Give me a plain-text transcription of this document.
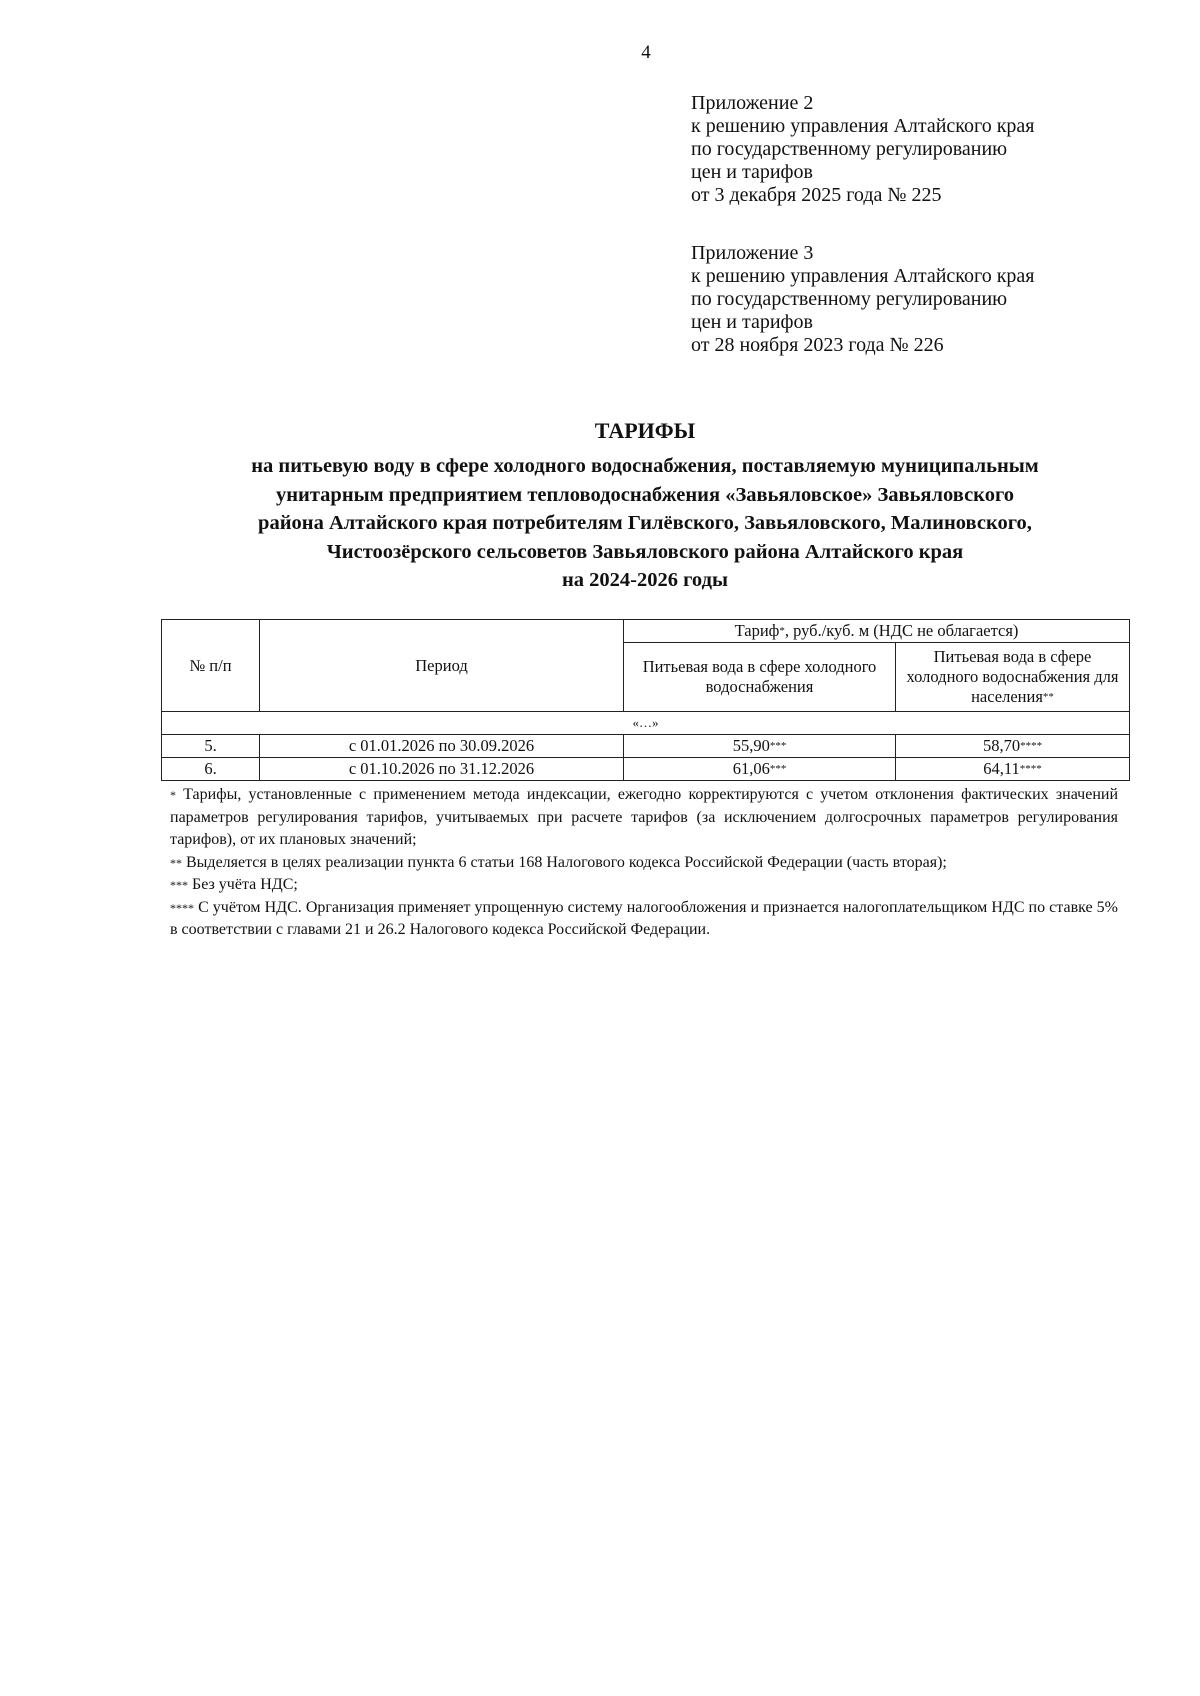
4
Приложение 2
к решению управления Алтайского края
по государственному регулированию
цен и тарифов
от 3 декабря 2025 года № 225
Приложение 3
к решению управления Алтайского края
по государственному регулированию
цен и тарифов
от 28 ноября 2023 года № 226
ТАРИФЫ
на питьевую воду в сфере холодного водоснабжения, поставляемую муниципальным
унитарным предприятием тепловодоснабжения «Завьяловское» Завьяловского
района Алтайского края потребителям Гилёвского, Завьяловского, Малиновского,
Чистоозёрского сельсоветов Завьяловского района Алтайского края
на 2024-2026 годы
№ п/п	Период	Тариф*, руб./куб. м (НДС не облагается)	
		Питьевая вода в сфере холодного водоснабжения	Питьевая вода в сфере холодного водоснабжения для населения**
«…»			
5.	с 01.01.2026 по 30.09.2026	55,90***	58,70****
6.	с 01.10.2026 по 31.12.2026	61,06***	64,11****

* Тарифы, установленные с применением метода индексации, ежегодно корректируются с учетом отклонения фактических значений параметров регулирования тарифов, учитываемых при расчете тарифов (за исключением долгосрочных параметров регулирования тарифов), от их плановых значений;

** Выделяется в целях реализации пункта 6 статьи 168 Налогового кодекса Российской Федерации (часть вторая);

*** Без учёта НДС;

**** С учётом НДС. Организация применяет упрощенную систему налогообложения и признается налогоплательщиком НДС по ставке 5% в соответствии с главами 21 и 26.2 Налогового кодекса Российской Федерации.
